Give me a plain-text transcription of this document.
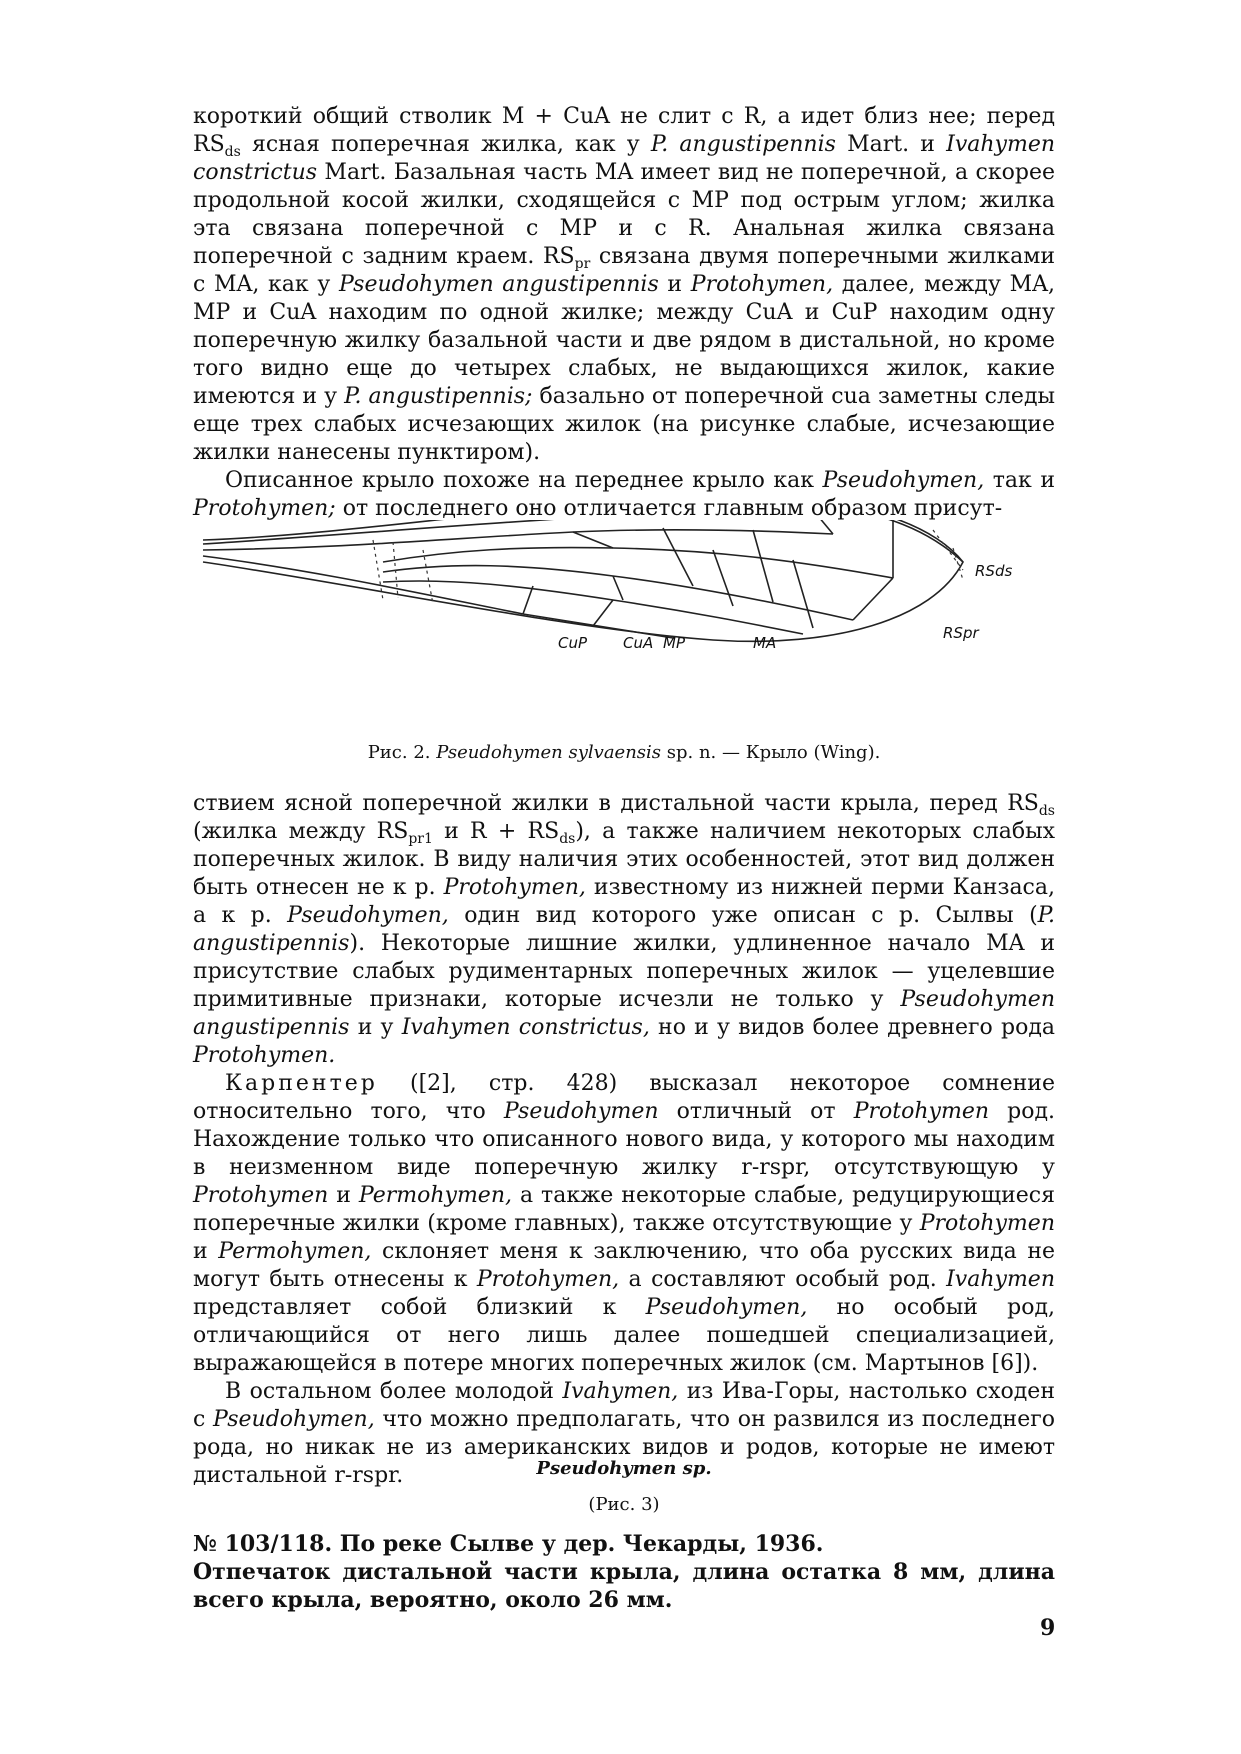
короткий общий стволик M + CuA не слит с R, а идет близ нее; перед $RS_{ds}$ ясная поперечная жилка, как у P. angustipennis Mart. и Ivahymen constrictus Mart. Базальная часть MA имеет вид не поперечной, а скорее продольной косой жилки, сходящейся с MP под острым углом; жилка эта связана поперечной с MP и с R. Анальная жилка связана поперечной с задним краем. $RS_{pr}$ связана двумя поперечными жилками с MA, как у Pseudohymen angustipennis и Protohymen, далее, между MA, MP и CuA находим по одной жилке; между CuA и CuP находим одну поперечную жилку базальной части и две рядом в дистальной, но кроме того видно еще до четырех слабых, не выдающихся жилок, какие имеются и у P. angustipennis; базально от поперечной cua заметны следы еще трех слабых исчезающих жилок (на рисунке слабые, исчезающие жилки нанесены пунктиром).

Описанное крыло похоже на переднее крыло как Pseudohymen, так и Protohymen; от последнего оно отличается главным образом присут-

RSds
RSpr
CuP CuA MP	MA
Рис. 2. Pseudohymen sylvaensis sp. n. — Крыло (Wing).

ствием ясной поперечной жилки в дистальной части крыла, перед $RS_{ds}$ (жилка между $RS_{pr1}$ и $R + RS_{ds}$), а также наличием некоторых слабых поперечных жилок. В виду наличия этих особенностей, этот вид должен быть отнесен не к р. Protohymen, известному из нижней перми Канзаса, а к р. Pseudohymen, один вид которого уже описан с р. Сылвы (P. angustipennis). Некоторые лишние жилки, удлиненное начало MA и присутствие слабых рудиментарных поперечных жилок — уцелевшие примитивные признаки, которые исчезли не только у Pseudohymen angustipennis и у Ivahymen constrictus, но и у видов более древнего рода Protohymen.

Карпентер ([2], стр. 428) высказал некоторое сомнение относительно того, что Pseudohymen отличный от Protohymen род. Нахождение только что описанного нового вида, у которого мы находим в неизменном виде поперечную жилку r-rspr, отсутствующую у Protohymen и Permohymen, а также некоторые слабые, редуцирующиеся поперечные жилки (кроме главных), также отсутствующие у Protohymen и Permohymen, склоняет меня к заключению, что оба русских вида не могут быть отнесены к Protohymen, а составляют особый род. Ivahymen представляет собой близкий к Pseudohymen, но особый род, отличающийся от него лишь далее пошедшей специализацией, выражающейся в потере многих поперечных жилок (см. Мартынов [6]).

В остальном более молодой Ivahymen, из Ива-Горы, настолько сходен с Pseudohymen, что можно предполагать, что он развился из последнего рода, но никак не из американских видов и родов, которые не имеют дистальной r-rspr.	Pseudohymen sp.
(Рис. 3)

№ 103/118. По реке Сылве у дер. Чекарды, 1936.

Отпечаток дистальной части крыла, длина остатка 8 мм, длина всего крыла, вероятно, около 26 мм.

9
